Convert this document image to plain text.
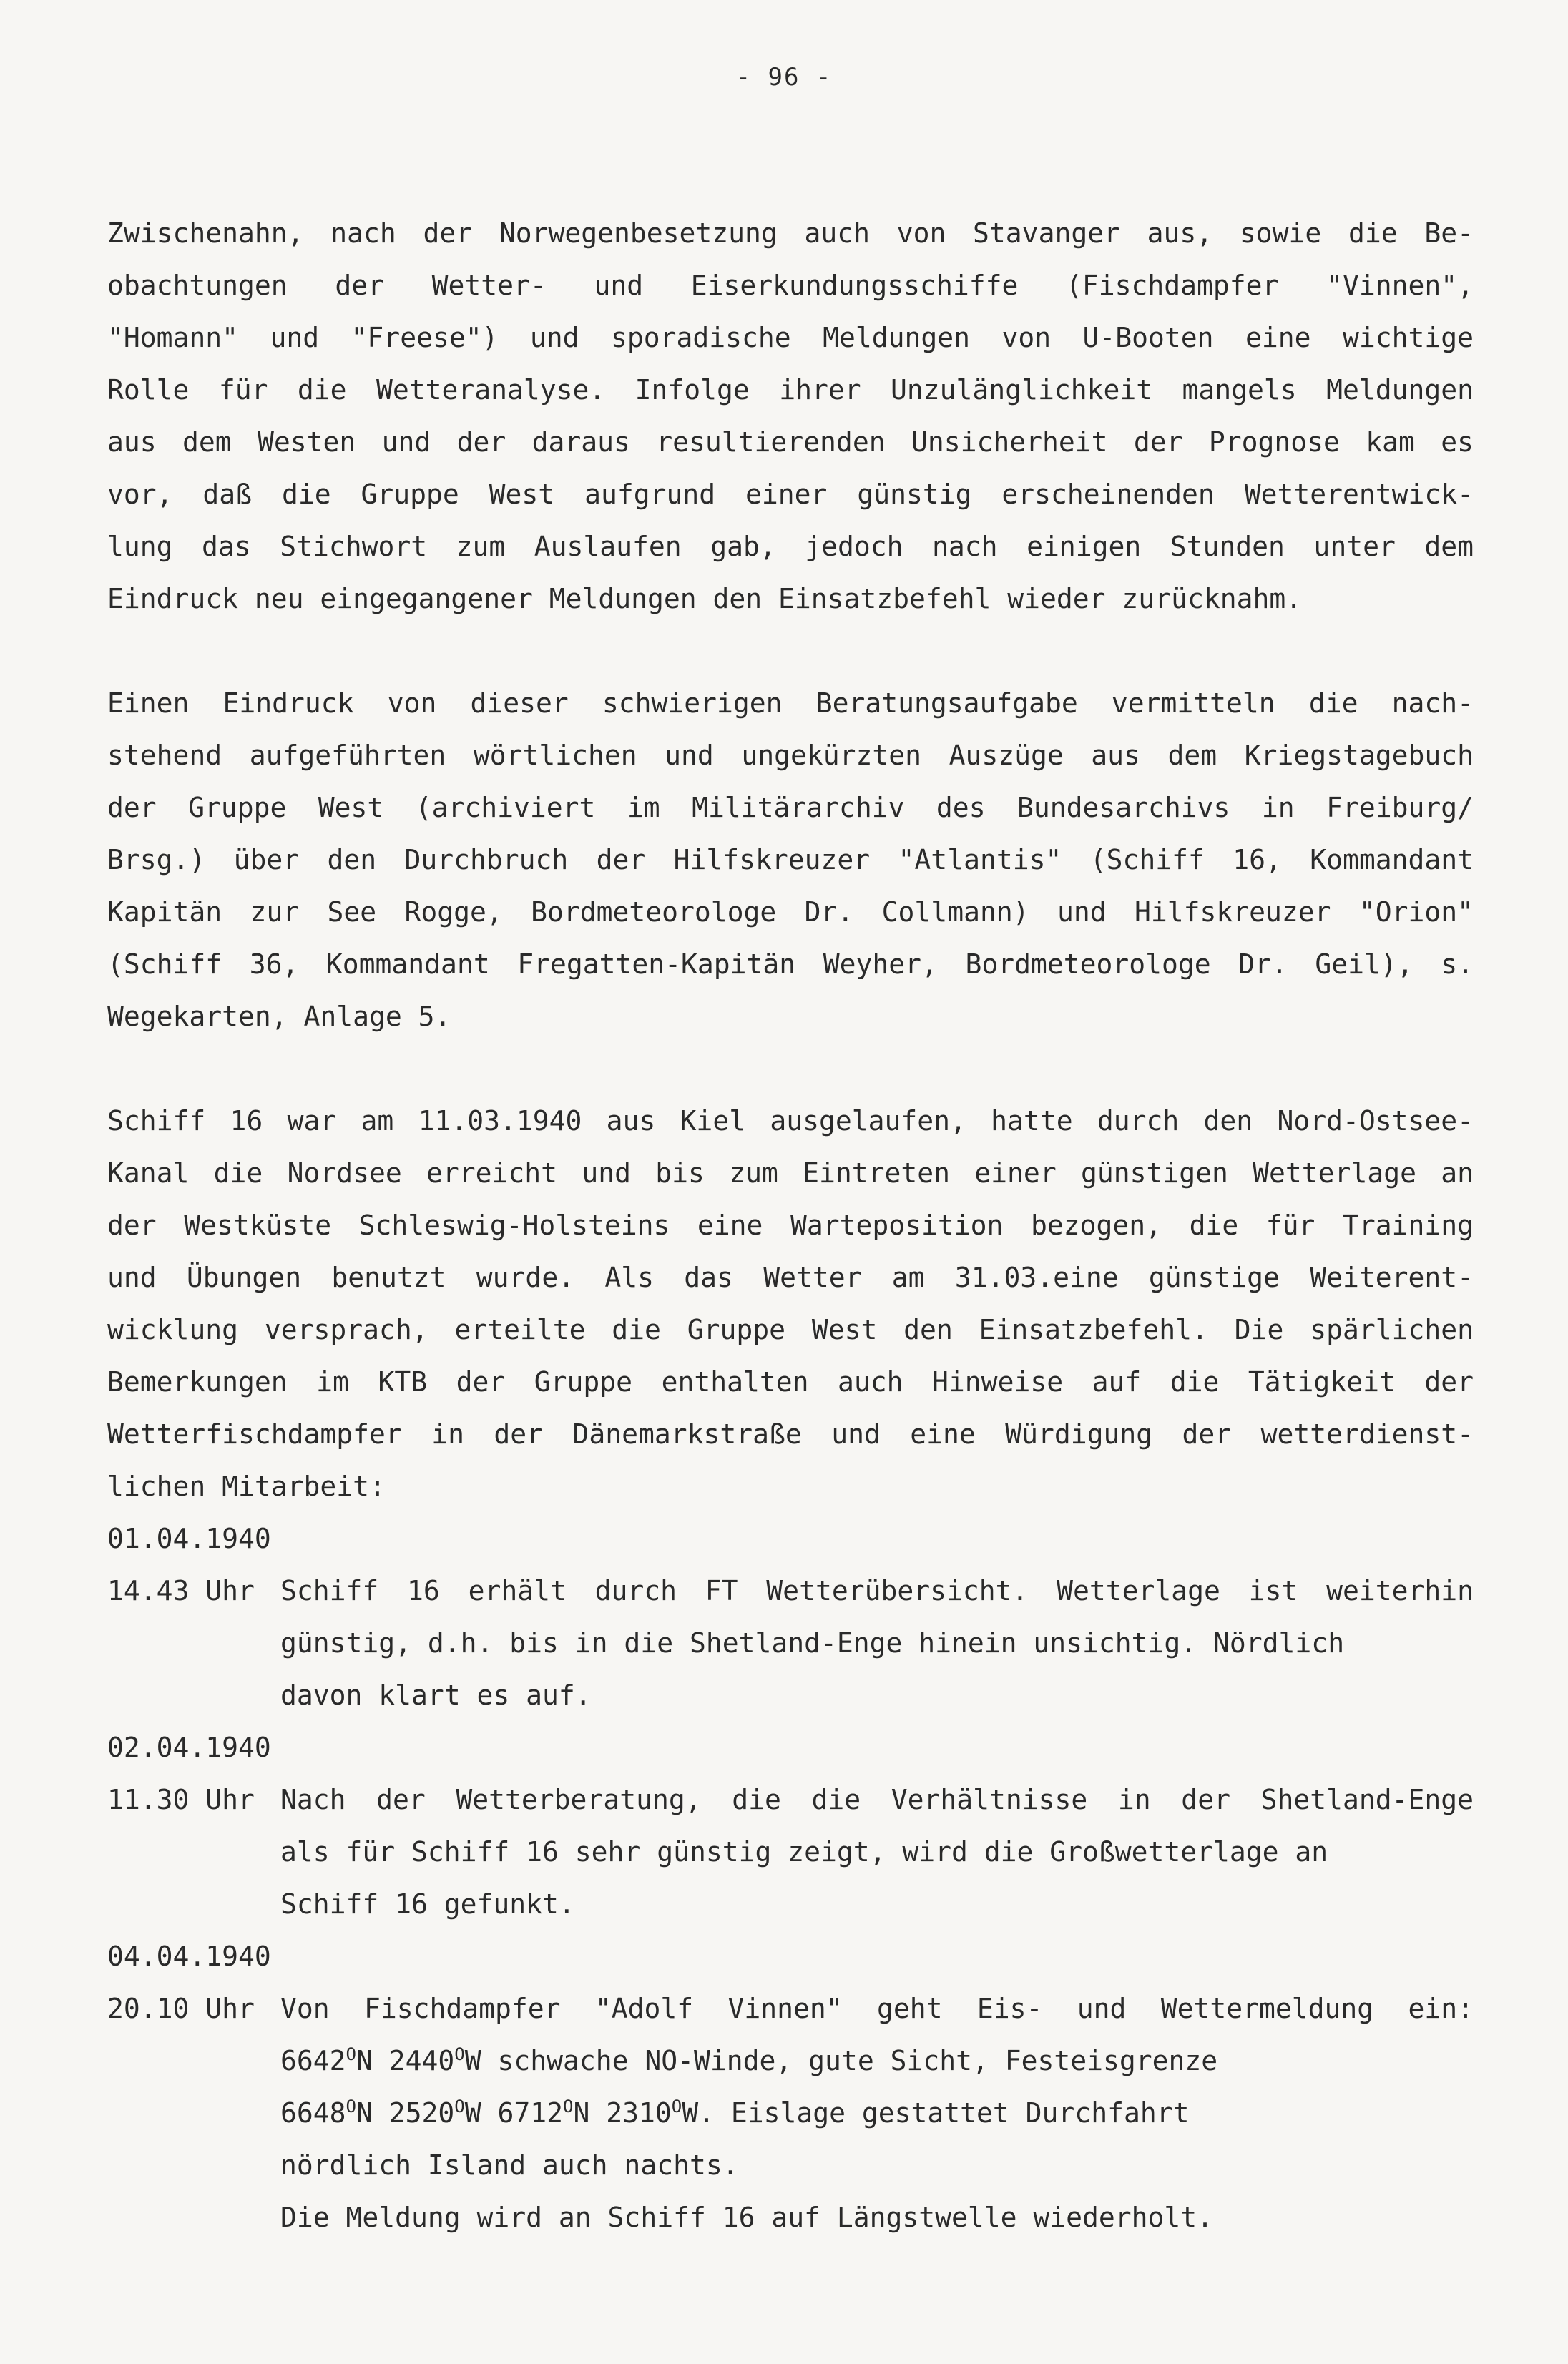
- 96 -
Zwischenahn, nach der Norwegenbesetzung auch von Stavanger aus, sowie die Be-
obachtungen der Wetter- und Eiserkundungsschiffe (Fischdampfer "Vinnen",
"Homann" und "Freese") und sporadische Meldungen von U-Booten eine wichtige
Rolle für die Wetteranalyse. Infolge ihrer Unzulänglichkeit mangels Meldungen
aus dem Westen und der daraus resultierenden Unsicherheit der Prognose kam es
vor, daß die Gruppe West aufgrund einer günstig erscheinenden Wetterentwick-
lung das Stichwort zum Auslaufen gab, jedoch nach einigen Stunden unter dem
Eindruck neu eingegangener Meldungen den Einsatzbefehl wieder zurücknahm.
Einen Eindruck von dieser schwierigen Beratungsaufgabe vermitteln die nach-
stehend aufgeführten wörtlichen und ungekürzten Auszüge aus dem Kriegstagebuch
der Gruppe West (archiviert im Militärarchiv des Bundesarchivs in Freiburg/
Brsg.) über den Durchbruch der Hilfskreuzer "Atlantis" (Schiff 16, Kommandant
Kapitän zur See Rogge, Bordmeteorologe Dr. Collmann) und Hilfskreuzer "Orion"
(Schiff 36, Kommandant Fregatten-Kapitän Weyher, Bordmeteorologe Dr. Geil), s.
Wegekarten, Anlage 5.
Schiff 16 war am 11.03.1940 aus Kiel ausgelaufen, hatte durch den Nord-Ostsee-
Kanal die Nordsee erreicht und bis zum Eintreten einer günstigen Wetterlage an
der Westküste Schleswig-Holsteins eine Warteposition bezogen, die für Training
und Übungen benutzt wurde. Als das Wetter am 31.03.eine günstige Weiterent-
wicklung versprach, erteilte die Gruppe West den Einsatzbefehl. Die spärlichen
Bemerkungen im KTB der Gruppe enthalten auch Hinweise auf die Tätigkeit der
Wetterfischdampfer in der Dänemarkstraße und eine Würdigung der wetterdienst-
lichen Mitarbeit:
01.04.1940
14.43 Uhr Schiff 16 erhält durch FT Wetterübersicht. Wetterlage ist weiterhin
günstig, d.h. bis in die Shetland-Enge hinein unsichtig. Nördlich
davon klart es auf.
02.04.1940
11.30 Uhr Nach der Wetterberatung, die die Verhältnisse in der Shetland-Enge
als für Schiff 16 sehr günstig zeigt, wird die Großwetterlage an
Schiff 16 gefunkt.
04.04.1940
20.10 Uhr Von Fischdampfer "Adolf Vinnen" geht Eis- und Wettermeldung ein:
$6642^ON$ $2440^OW$ schwache NO-Winde, gute Sicht, Festeisgrenze
$6648^ON$ $2520^OW$ $6712^ON$ $2310^OW$. Eislage gestattet Durchfahrt
nördlich Island auch nachts.
Die Meldung wird an Schiff 16 auf Längstwelle wiederholt.
